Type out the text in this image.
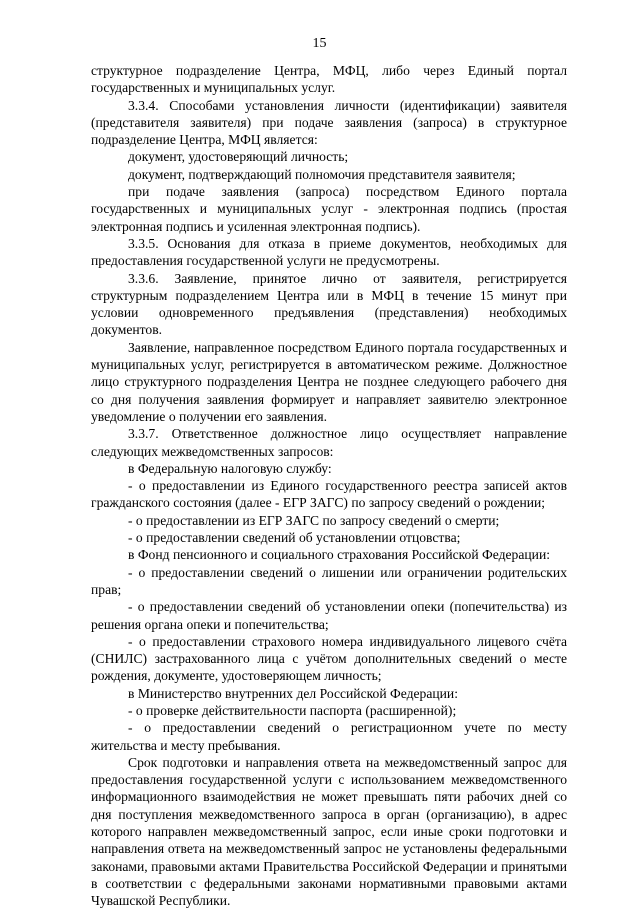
15

структурное подразделение Центра, МФЦ, либо через Единый портал государственных и муниципальных услуг.

3.3.4. Способами установления личности (идентификации) заявителя (представителя заявителя) при подаче заявления (запроса) в структурное подразделение Центра, МФЦ является:

документ, удостоверяющий личность;

документ, подтверждающий полномочия представителя заявителя;

при подаче заявления (запроса) посредством Единого портала государственных и муниципальных услуг - электронная подпись (простая электронная подпись и усиленная электронная подпись).

3.3.5. Основания для отказа в приеме документов, необходимых для предоставления государственной услуги не предусмотрены.

3.3.6. Заявление, принятое лично от заявителя, регистрируется структурным подразделением Центра или в МФЦ в течение 15 минут при условии одновременного предъявления (представления) необходимых документов.

Заявление, направленное посредством Единого портала государственных и муниципальных услуг, регистрируется в автоматическом режиме. Должностное лицо структурного подразделения Центра не позднее следующего рабочего дня со дня получения заявления формирует и направляет заявителю электронное уведомление о получении его заявления.

3.3.7. Ответственное должностное лицо осуществляет направление следующих межведомственных запросов:

в Федеральную налоговую службу:

- о предоставлении из Единого государственного реестра записей актов гражданского состояния (далее - ЕГР ЗАГС) по запросу сведений о рождении;

- о предоставлении из ЕГР ЗАГС по запросу сведений о смерти;

- о предоставлении сведений об установлении отцовства;

в Фонд пенсионного и социального страхования Российской Федерации:

- о предоставлении сведений о лишении или ограничении родительских прав;

- о предоставлении сведений об установлении опеки (попечительства) из решения органа опеки и попечительства;

- о предоставлении страхового номера индивидуального лицевого счёта (СНИЛС) застрахованного лица с учётом дополнительных сведений о месте рождения, документе, удостоверяющем личность;

в Министерство внутренних дел Российской Федерации:

- о проверке действительности паспорта (расширенной);

- о предоставлении сведений о регистрационном учете по месту жительства и месту пребывания.

Срок подготовки и направления ответа на межведомственный запрос для предоставления государственной услуги с использованием межведомственного информационного взаимодействия не может превышать пяти рабочих дней со дня поступления межведомственного запроса в орган (организацию), в адрес которого направлен межведомственный запрос, если иные сроки подготовки и направления ответа на межведомственный запрос не установлены федеральными законами, правовыми актами Правительства Российской Федерации и принятыми в соответствии с федеральными законами нормативными правовыми актами Чувашской Республики.
